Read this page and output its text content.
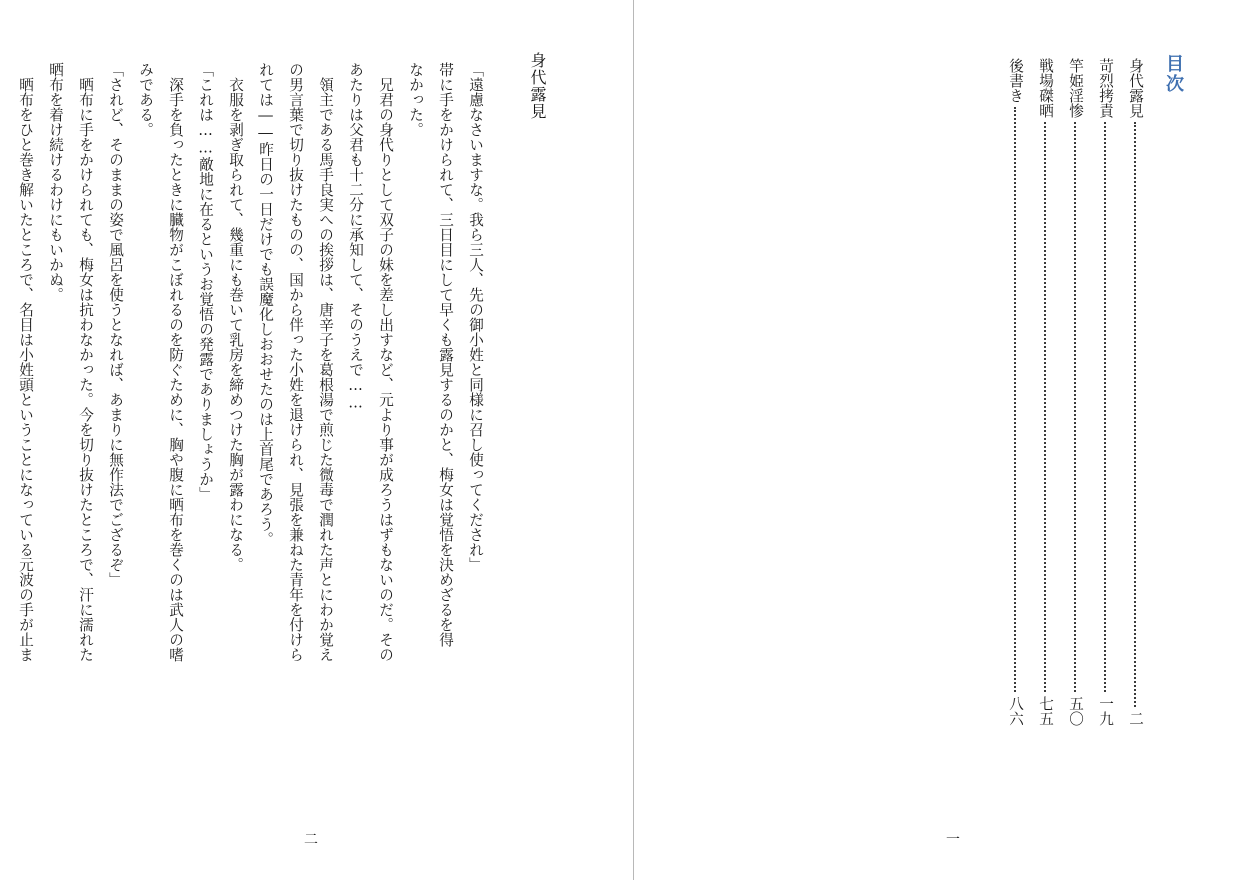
身代露見
「遠慮なさいますな。我ら三人、先の御小姓と同様に召し使ってくだされ」
帯に手をかけられて、三日目にして早くも露見するのかと、梅女は覚悟を決めざるを得
なかった。
　兄君の身代りとして双子の妹を差し出すなど、元より事が成ろうはずもないのだ。その
あたりは父君も十二分に承知して、そのうえで……
　領主である馬手良実への挨拶は、唐辛子を葛根湯で煎じた微毒で潤れた声とにわか覚え
の男言葉で切り抜けたものの、国から伴った小姓を退けられ、見張を兼ねた青年を付けら
れては――昨日の一日だけでも誤魔化しおおせたのは上首尾であろう。
　衣服を剥ぎ取られて、幾重にも巻いて乳房を締めつけた胸が露わになる。
「これは……敵地に在るというお覚悟の発露でありましょうか」
　深手を負ったときに臓物がこぼれるのを防ぐために、胸や腹に晒布を巻くのは武人の嗜
みである。
「されど、そのままの姿で風呂を使うとなれば、あまりに無作法でござるぞ」
　晒布に手をかけられても、梅女は抗わなかった。今を切り抜けたところで、汗に濡れた
晒布を着け続けるわけにもいかぬ。
　晒布をひと巻き解いたところで、名目は小姓頭ということになっている元波の手が止ま
二
目次
身代露見
二
苛烈拷責
一九
竿姫淫惨
五〇
戦場磔晒
七五
後書き
八六
一
